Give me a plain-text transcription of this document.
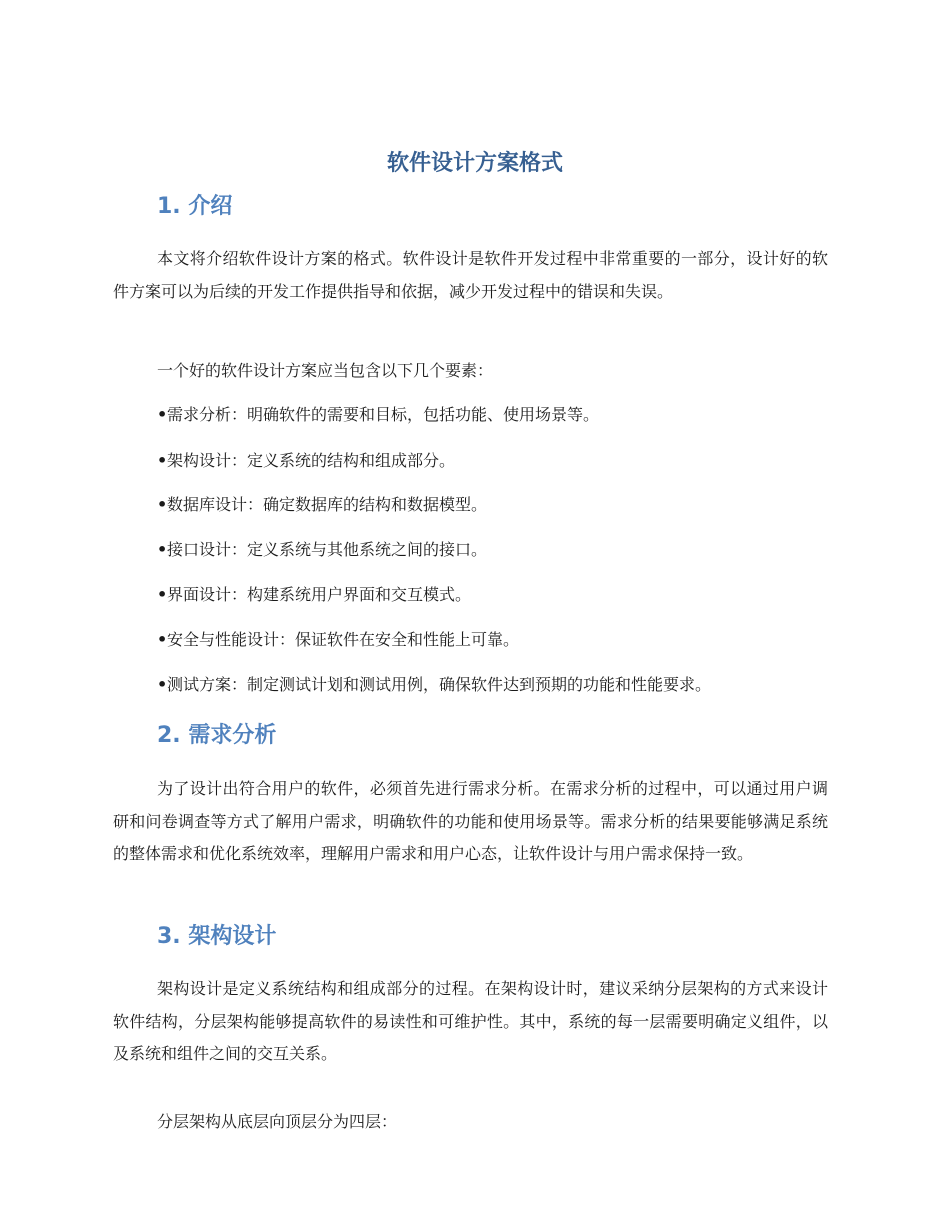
软件设计方案格式
1. 介绍
本文将介绍软件设计方案的格式。软件设计是软件开发过程中非常重要的一部分，设计好的软件方案可以为后续的开发工作提供指导和依据，减少开发过程中的错误和失误。
一个好的软件设计方案应当包含以下几个要素：
•需求分析：明确软件的需要和目标，包括功能、使用场景等。
•架构设计：定义系统的结构和组成部分。
•数据库设计：确定数据库的结构和数据模型。
•接口设计：定义系统与其他系统之间的接口。
•界面设计：构建系统用户界面和交互模式。
•安全与性能设计：保证软件在安全和性能上可靠。
•测试方案：制定测试计划和测试用例，确保软件达到预期的功能和性能要求。
2. 需求分析
为了设计出符合用户的软件，必须首先进行需求分析。在需求分析的过程中，可以通过用户调研和问卷调查等方式了解用户需求，明确软件的功能和使用场景等。需求分析的结果要能够满足系统的整体需求和优化系统效率，理解用户需求和用户心态，让软件设计与用户需求保持一致。
3. 架构设计
架构设计是定义系统结构和组成部分的过程。在架构设计时，建议采纳分层架构的方式来设计软件结构，分层架构能够提高软件的易读性和可维护性。其中，系统的每一层需要明确定义组件，以及系统和组件之间的交互关系。
分层架构从底层向顶层分为四层：
